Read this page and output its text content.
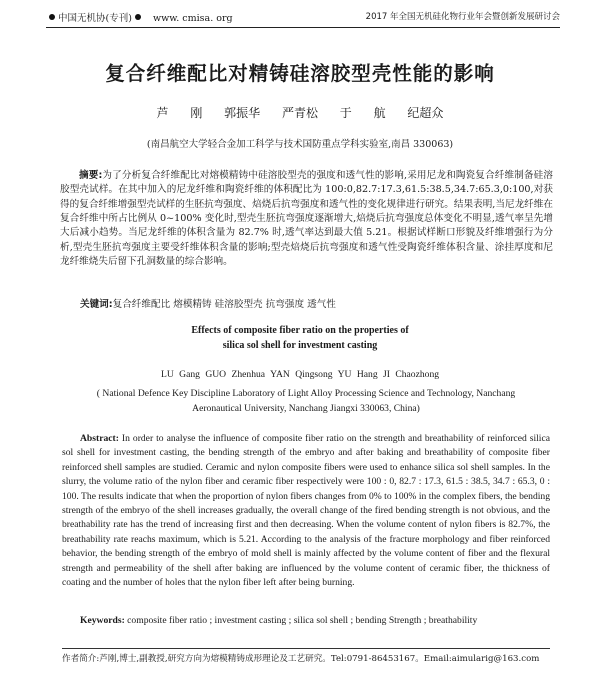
中国无机协(专刊) www. cmisa. org	2017 年全国无机硅化物行业年会暨创新发展研讨会
复合纤维配比对精铸硅溶胶型壳性能的影响
芦 刚 郭振华 严青松 于 航 纪超众
(南昌航空大学轻合金加工科学与技术国防重点学科实验室,南昌 330063)
摘要:为了分析复合纤维配比对熔模精铸中硅溶胶型壳的强度和透气性的影响,采用尼龙和陶瓷复合纤维制备硅溶胶型壳试样。在其中加入的尼龙纤维和陶瓷纤维的体积配比为 100:0,82.7:17.3,61.5:38.5,34.7:65.3,0:100,对获得的复合纤维增强型壳试样的生胚抗弯强度、焙烧后抗弯强度和透气性的变化规律进行研究。结果表明,当尼龙纤维在复合纤维中所占比例从 0~100% 变化时,型壳生胚抗弯强度逐渐增大,焙烧后抗弯强度总体变化不明显,透气率呈先增大后减小趋势。当尼龙纤维的体积含量为 82.7% 时,透气率达到最大值 5.21。根据试样断口形貌及纤维增强行为分析,型壳生胚抗弯强度主要受纤维体积含量的影响;型壳焙烧后抗弯强度和透气性受陶瓷纤维体积含量、涂挂厚度和尼龙纤维烧失后留下孔洞数量的综合影响。
关键词:复合纤维配比 熔模精铸 硅溶胶型壳 抗弯强度 透气性
Effects of composite fiber ratio on the properties of
silica sol shell for investment casting
LU Gang GUO Zhenhua YAN Qingsong YU Hang JI Chaozhong
( National Defence Key Discipline Laboratory of Light Alloy Processing Science and Technology, Nanchang Aeronautical University, Nanchang Jiangxi 330063, China)
Abstract: In order to analyse the influence of composite fiber ratio on the strength and breathability of reinforced silica sol shell for investment casting, the bending strength of the embryo and after baking and breathability of composite fiber reinforced shell samples are studied. Ceramic and nylon composite fibers were used to enhance silica sol shell samples. In the slurry, the volume ratio of the nylon fiber and ceramic fiber respectively were 100 : 0, 82.7 : 17.3, 61.5 : 38.5, 34.7 : 65.3, 0 : 100. The results indicate that when the proportion of nylon fibers changes from 0% to 100% in the complex fibers, the bending strength of the embryo of the shell increases gradually, the overall change of the fired bending strength is not obvious, and the breathability rate has the trend of increasing first and then decreasing. When the volume content of nylon fibers is 82.7%, the breathability rate reachs maximum, which is 5.21. According to the analysis of the fracture morphology and fiber reinforced behavior, the bending strength of the embryo of mold shell is mainly affected by the volume content of fiber and the flexural strength and permeability of the shell after baking are influenced by the volume content of ceramic fiber, the thickness of coating and the number of holes that the nylon fiber left after being burning.
Keywords: composite fiber ratio ; investment casting ; silica sol shell ; bending Strength ; breathability
作者简介:芦刚,博士,副教授,研究方向为熔模精铸成形理论及工艺研究。Tel:0791-86453167。Email:aimularig@163.com
